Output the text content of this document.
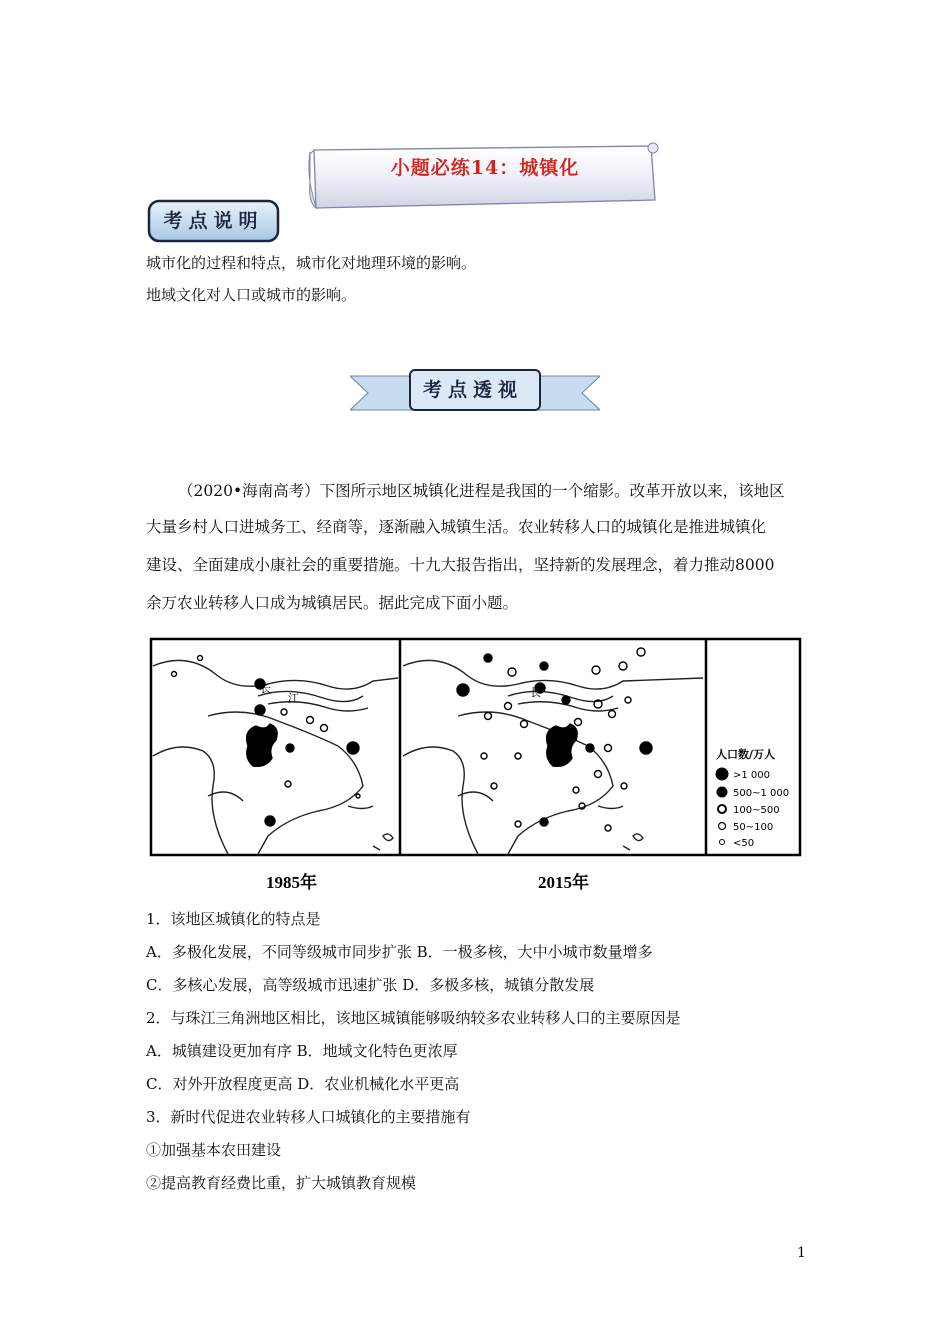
小题必练14：城镇化
考点说明
城市化的过程和特点，城市化对地理环境的影响。
地域文化对人口或城市的影响。
考点透视
（2020•海南高考）下图所示地区城镇化进程是我国的一个缩影。改革开放以来，该地区
大量乡村人口进城务工、经商等，逐渐融入城镇生活。农业转移人口的城镇化是推进城镇化
建设、全面建成小康社会的重要措施。十九大报告指出，坚持新的发展理念，着力推动8000
余万农业转移人口成为城镇居民。据此完成下面小题。
长
江	长
人口数/万人
>1 000
500~1 000
100~500
50~100
<50
1985年	2015年
1．该地区城镇化的特点是
A．多极化发展，不同等级城市同步扩张 B．一极多核，大中小城市数量增多
C．多核心发展，高等级城市迅速扩张 D．多极多核，城镇分散发展
2．与珠江三角洲地区相比，该地区城镇能够吸纳较多农业转移人口的主要原因是
A．城镇建设更加有序 B．地域文化特色更浓厚
C．对外开放程度更高 D．农业机械化水平更高
3．新时代促进农业转移人口城镇化的主要措施有
①加强基本农田建设
②提高教育经费比重，扩大城镇教育规模
1
